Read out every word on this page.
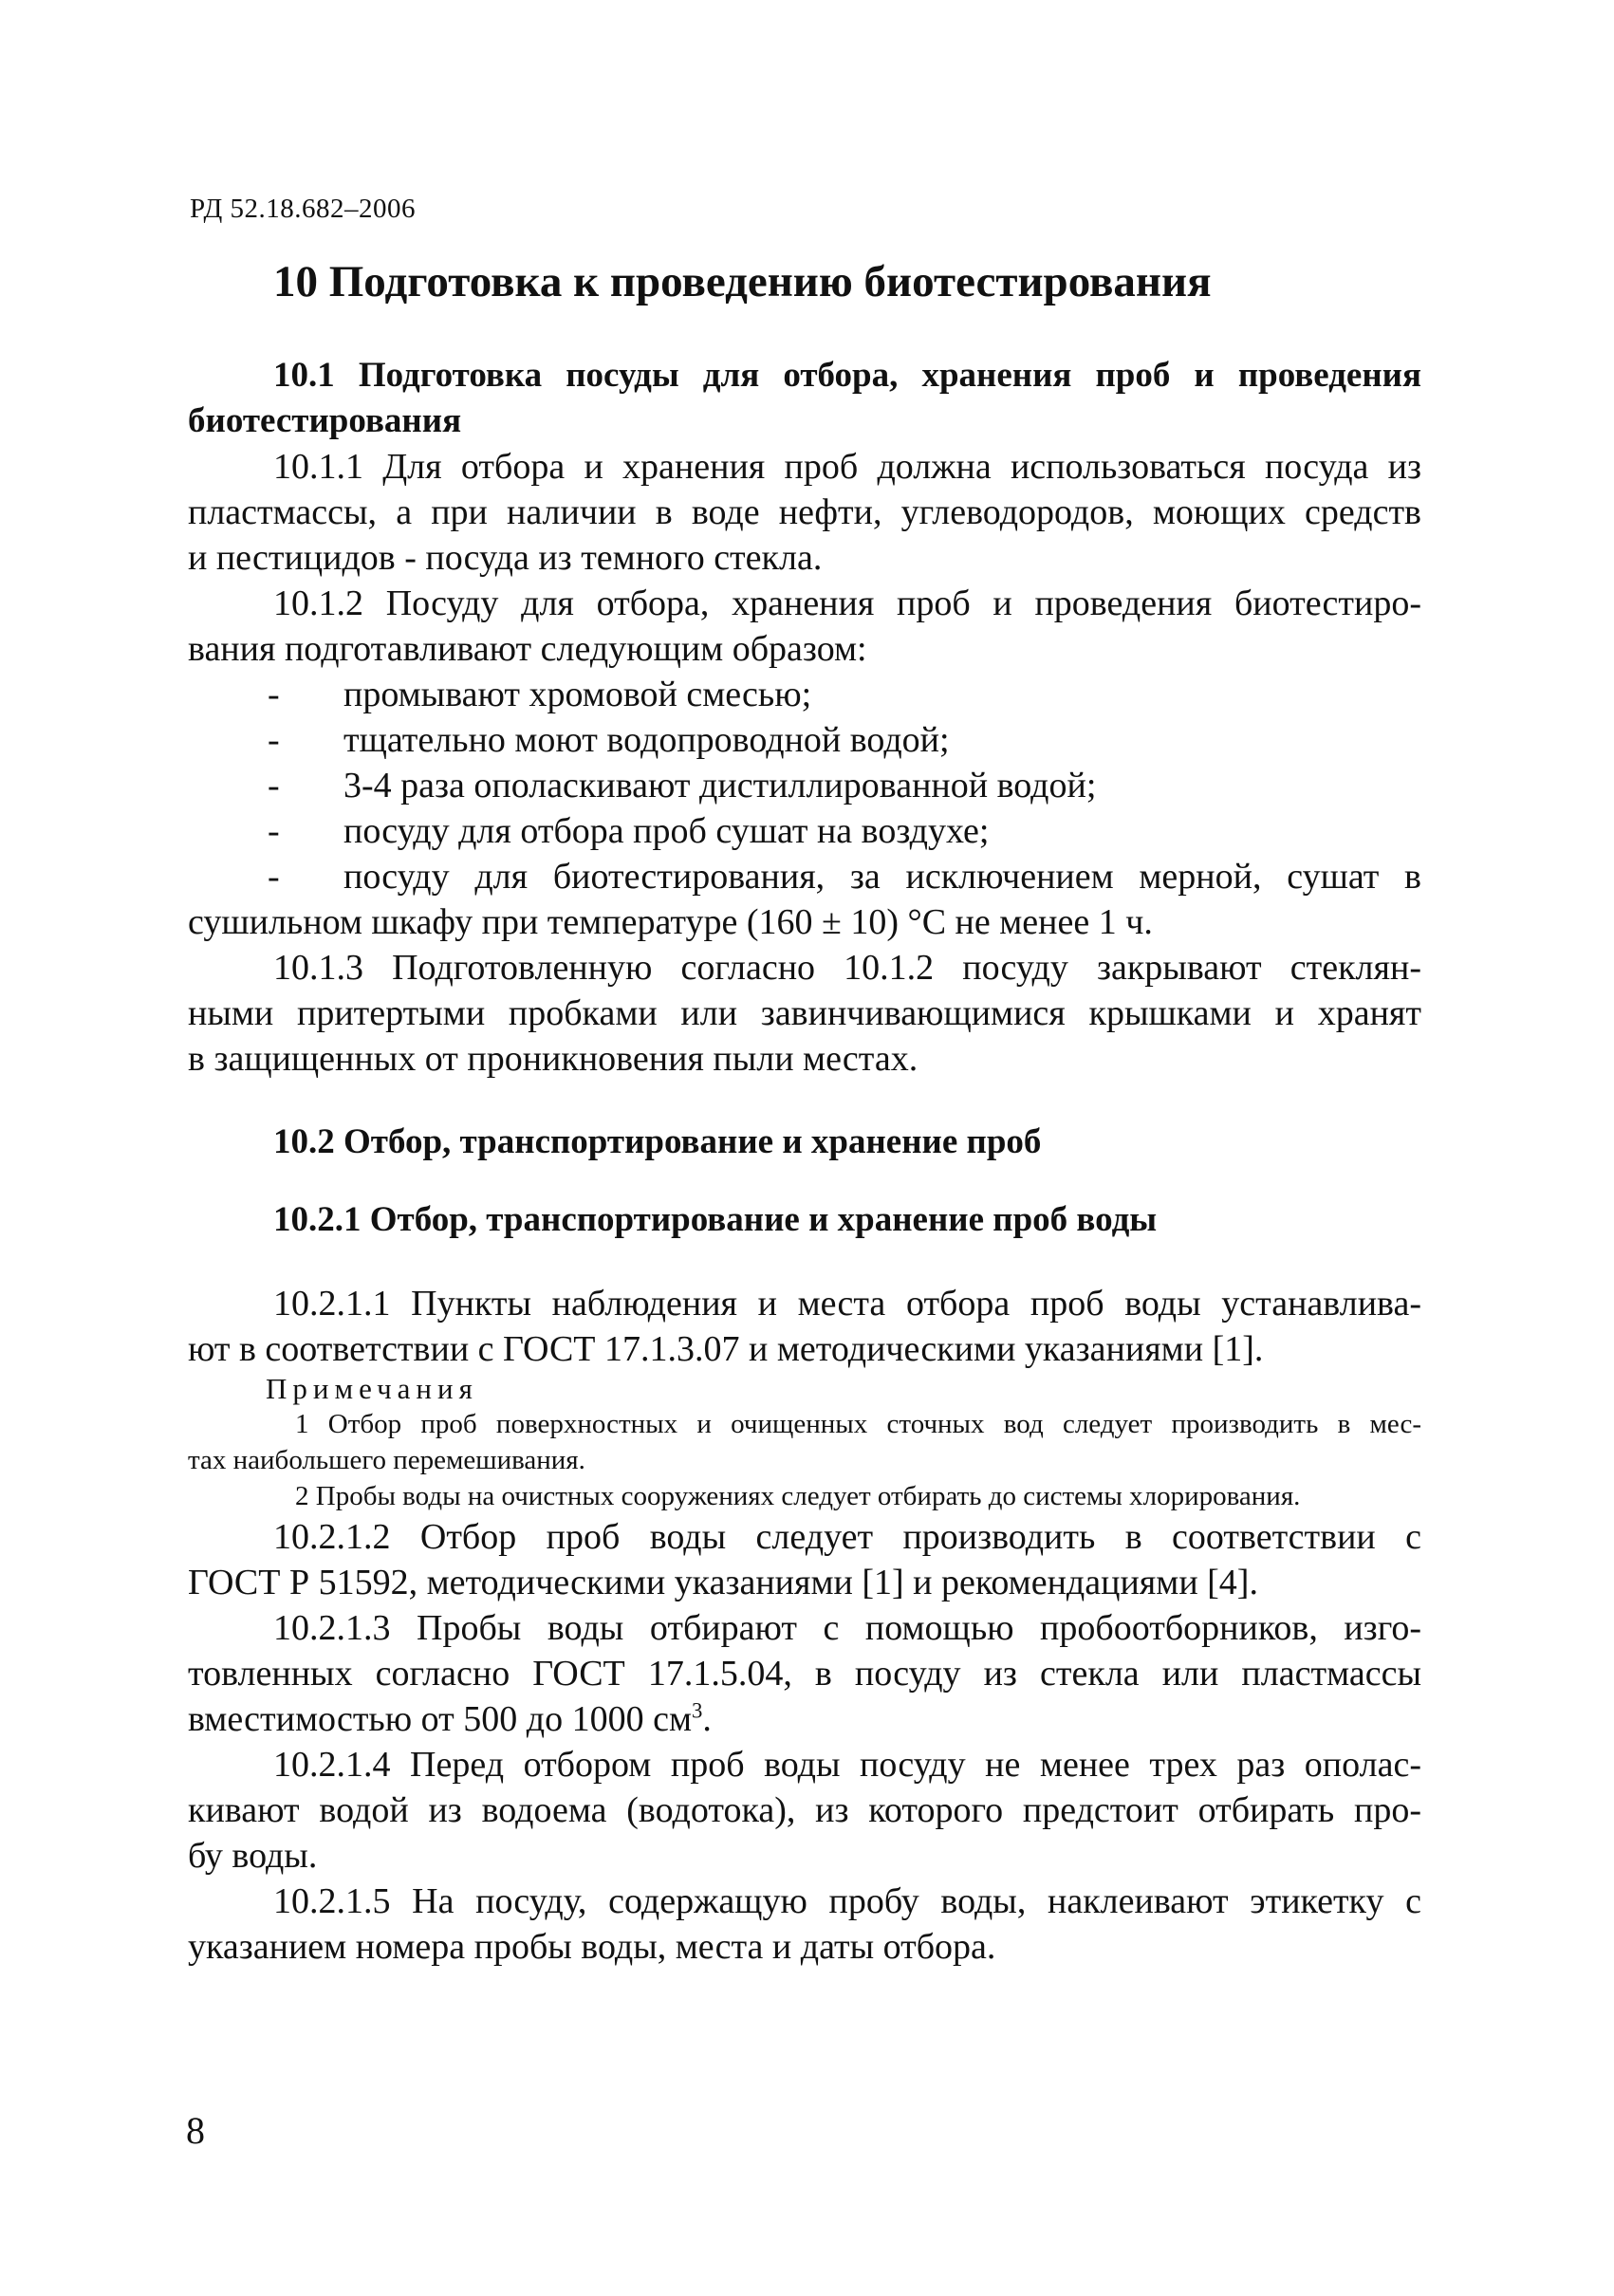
РД 52.18.682–2006
10 Подготовка к проведению биотестирования
10.1 Подготовка посуды для отбора, хранения проб и проведения
биотестирования
10.1.1 Для отбора и хранения проб должна использоваться посуда из
пластмассы, а при наличии в воде нефти, углеводородов, моющих средств
и пестицидов - посуда из темного стекла.
10.1.2 Посуду для отбора, хранения проб и проведения биотестиро-
вания подготавливают следующим образом:
-	промывают хромовой смесью;
-	тщательно моют водопроводной водой;
-	3-4 раза ополаскивают дистиллированной водой;
-	посуду для отбора проб сушат на воздухе;
-	посуду для биотестирования, за исключением мерной, сушат в
сушильном шкафу при температуре (160 ± 10) °С не менее 1 ч.
10.1.3 Подготовленную согласно 10.1.2 посуду закрывают стеклян-
ными притертыми пробками или завинчивающимися крышками и хранят
в защищенных от проникновения пыли местах.
10.2 Отбор, транспортирование и хранение проб
10.2.1 Отбор, транспортирование и хранение проб воды
10.2.1.1 Пункты наблюдения и места отбора проб воды устанавлива-
ют в соответствии с ГОСТ 17.1.3.07 и методическими указаниями [1].
Примечания
1 Отбор проб поверхностных и очищенных сточных вод следует производить в мес-
тах наибольшего перемешивания.
2 Пробы воды на очистных сооружениях следует отбирать до системы хлорирования.
10.2.1.2 Отбор проб воды следует производить в соответствии с
ГОСТ Р 51592, методическими указаниями [1] и рекомендациями [4].
10.2.1.3 Пробы воды отбирают с помощью пробоотборников, изго-
товленных согласно ГОСТ 17.1.5.04, в посуду из стекла или пластмассы
вместимостью от 500 до 1000 $см^3$.
10.2.1.4 Перед отбором проб воды посуду не менее трех раз ополас-
кивают водой из водоема (водотока), из которого предстоит отбирать про-
бу воды.
10.2.1.5 На посуду, содержащую пробу воды, наклеивают этикетку с
указанием номера пробы воды, места и даты отбора.
8
